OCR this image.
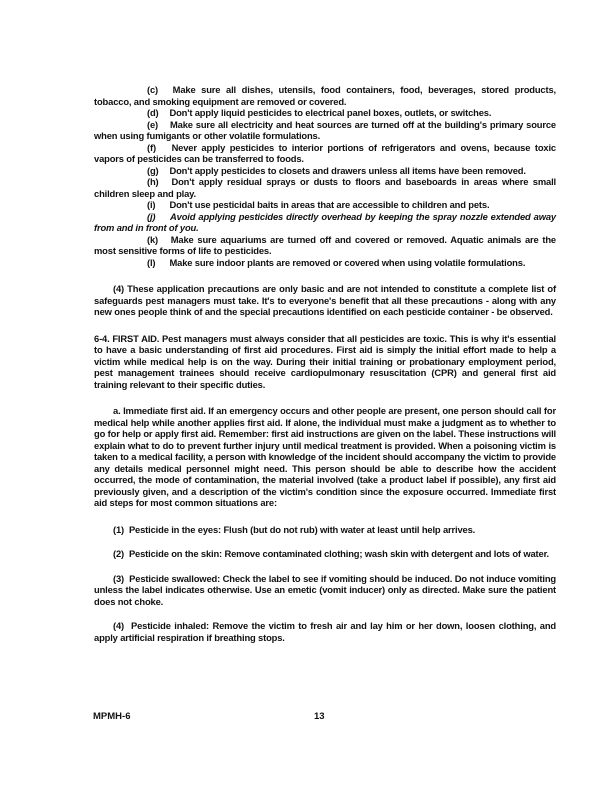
(c) Make sure all dishes, utensils, food containers, food, beverages, stored products, tobacco, and smoking equipment are removed or covered.

(d) Don't apply liquid pesticides to electrical panel boxes, outlets, or switches.

(e) Make sure all electricity and heat sources are turned off at the building's primary source when using fumigants or other volatile formulations.

(f) Never apply pesticides to interior portions of refrigerators and ovens, because toxic vapors of pesticides can be transferred to foods.

(g) Don't apply pesticides to closets and drawers unless all items have been removed.

(h) Don't apply residual sprays or dusts to floors and baseboards in areas where small children sleep and play.

(i) Don't use pesticidal baits in areas that are accessible to children and pets.

(j) Avoid applying pesticides directly overhead by keeping the spray nozzle extended away from and in front of you.

(k) Make sure aquariums are turned off and covered or removed. Aquatic animals are the most sensitive forms of life to pesticides.

(l) Make sure indoor plants are removed or covered when using volatile formulations.

(4) These application precautions are only basic and are not intended to constitute a complete list of safeguards pest managers must take. It's to everyone's benefit that all these precautions - along with any new ones people think of and the special precautions identified on each pesticide container - be observed.

6-4. FIRST AID. Pest managers must always consider that all pesticides are toxic. This is why it's essential to have a basic understanding of first aid procedures. First aid is simply the initial effort made to help a victim while medical help is on the way. During their initial training or probationary employment period, pest management trainees should receive cardiopulmonary resuscitation (CPR) and general first aid training relevant to their specific duties.

a. Immediate first aid. If an emergency occurs and other people are present, one person should call for medical help while another applies first aid. If alone, the individual must make a judgment as to whether to go for help or apply first aid. Remember: first aid instructions are given on the label. These instructions will explain what to do to prevent further injury until medical treatment is provided. When a poisoning victim is taken to a medical facility, a person with knowledge of the incident should accompany the victim to provide any details medical personnel might need. This person should be able to describe how the accident occurred, the mode of contamination, the material involved (take a product label if possible), any first aid previously given, and a description of the victim's condition since the exposure occurred. Immediate first aid steps for most common situations are:

(1) Pesticide in the eyes: Flush (but do not rub) with water at least until help arrives.

(2) Pesticide on the skin: Remove contaminated clothing; wash skin with detergent and lots of water.

(3) Pesticide swallowed: Check the label to see if vomiting should be induced. Do not induce vomiting unless the label indicates otherwise. Use an emetic (vomit inducer) only as directed. Make sure the patient does not choke.

(4) Pesticide inhaled: Remove the victim to fresh air and lay him or her down, loosen clothing, and apply artificial respiration if breathing stops.

MPMH-6	13
